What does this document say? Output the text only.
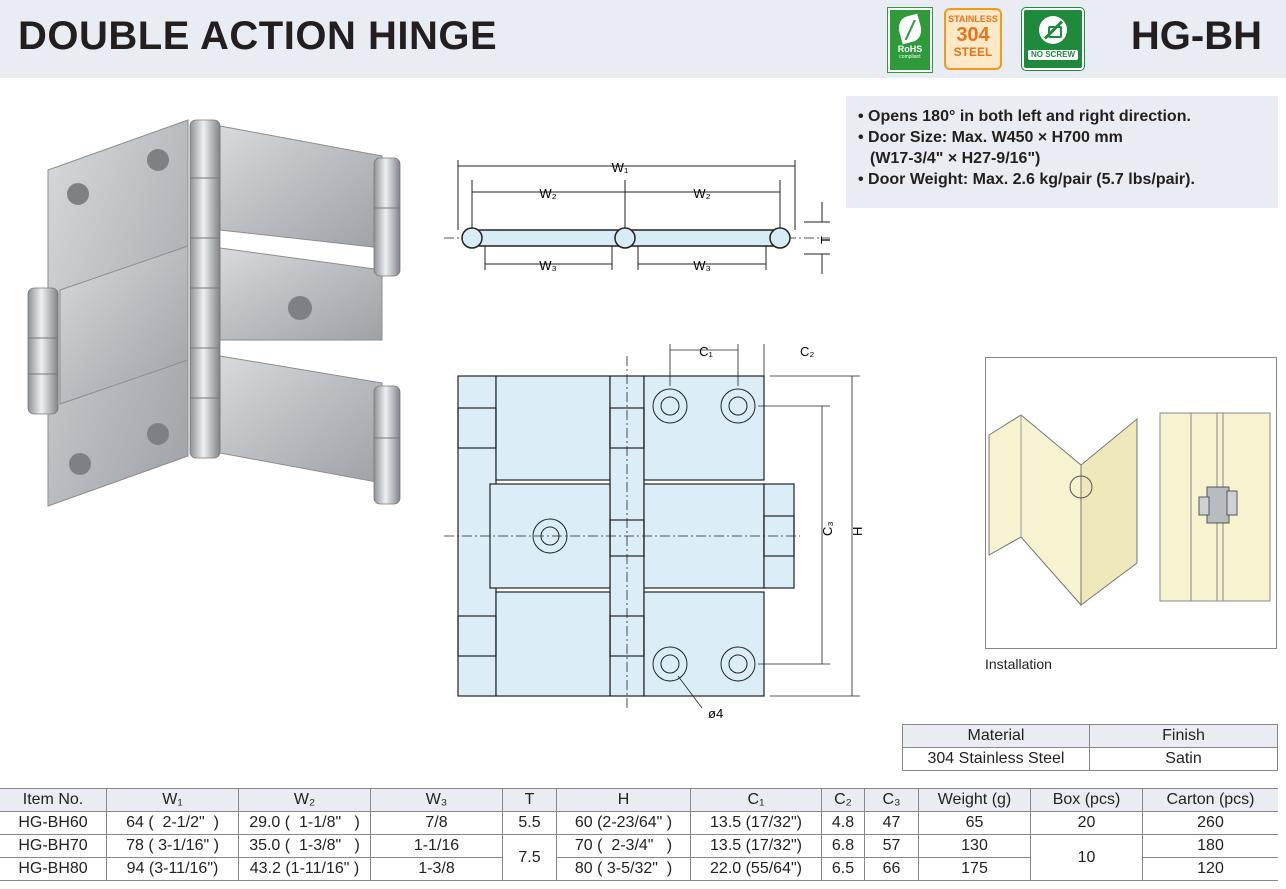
DOUBLE ACTION HINGE	RoHS
compliant
STAINLESS
304
STEEL	NO SCREW HG-BH
• Opens 180° in both left and right direction.
• Door Size: Max. W450 × H700 mm
(W17-3/4" × H27-9/16")
• Door Weight: Max. 2.6 kg/pair (5.7 lbs/pair).
W₁
W₂	W₂
W₃	W₃
T
C₁	C₂
C₃ H
ø4
Installation
Material	Finish
304 Stainless Steel	Satin
Item No.	W₁	W₂	W₃	T	H	C₁	C₂	C₃	Weight (g)	Box (pcs)	Carton (pcs)
HG-BH60	64 (  2-1/2"  )	29.0 (  1-1/8"   )	7/8	5.5	60 (2-23/64" )	13.5 (17/32")	4.8	47	65	20	260
HG-BH70	78 ( 3-1/16" )	35.0 (  1-3/8"   )	1-1/16	7.5	70 (  2-3/4"   )	13.5 (17/32")	6.8	57	130	10	180
HG-BH80	94 (3-11/16")	43.2 (1-11/16" )	1-3/8		80 ( 3-5/32"  )	22.0 (55/64")	6.5	66	175		120
